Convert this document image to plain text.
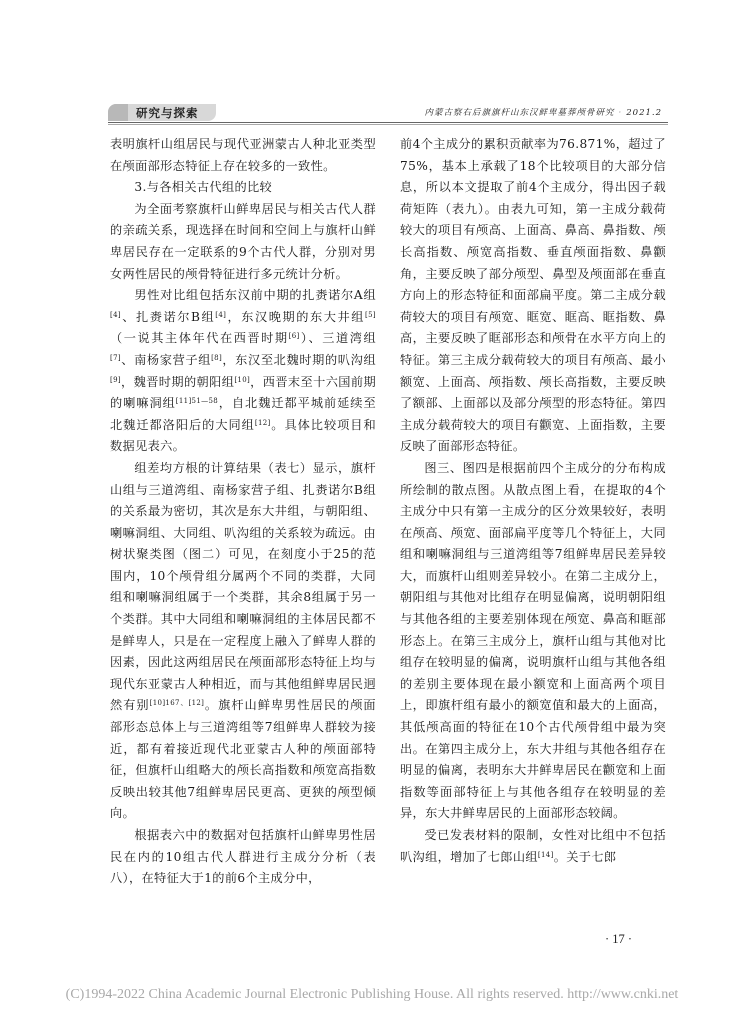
研究与探索	内蒙古察右后旗旗杆山东汉鲜卑墓葬颅骨研究 · 2021.2

表明旗杆山组居民与现代亚洲蒙古人种北亚类型在颅面部形态特征上存在较多的一致性。

3.与各相关古代组的比较

为全面考察旗杆山鲜卑居民与相关古代人群的亲疏关系，现选择在时间和空间上与旗杆山鲜卑居民存在一定联系的9个古代人群，分别对男女两性居民的颅骨特征进行多元统计分析。

男性对比组包括东汉前中期的扎赉诺尔A组[4]、扎赉诺尔B组[4]，东汉晚期的东大井组[5]（一说其主体年代在西晋时期[6]）、三道湾组[7]、南杨家营子组[8]，东汉至北魏时期的叭沟组[9]，魏晋时期的朝阳组[10]，西晋末至十六国前期的喇嘛洞组$^{[11]51—58}$，自北魏迁都平城前延续至北魏迁都洛阳后的大同组[12]。具体比较项目和数据见表六。

组差均方根的计算结果（表七）显示，旗杆山组与三道湾组、南杨家营子组、扎赉诺尔B组的关系最为密切，其次是东大井组，与朝阳组、喇嘛洞组、大同组、叭沟组的关系较为疏远。由树状聚类图（图二）可见，在刻度小于25的范围内，10个颅骨组分属两个不同的类群，大同组和喇嘛洞组属于一个类群，其余8组属于另一个类群。其中大同组和喇嘛洞组的主体居民都不是鲜卑人，只是在一定程度上融入了鲜卑人群的因素，因此这两组居民在颅面部形态特征上均与现代东亚蒙古人种相近，而与其他组鲜卑居民迥然有别[10]167、[12]。旗杆山鲜卑男性居民的颅面部形态总体上与三道湾组等7组鲜卑人群较为接近，都有着接近现代北亚蒙古人种的颅面部特征，但旗杆山组略大的颅长高指数和颅宽高指数反映出较其他7组鲜卑居民更高、更狭的颅型倾向。

根据表六中的数据对包括旗杆山鲜卑男性居民在内的10组古代人群进行主成分分析（表八），在特征大于1的前6个主成分中，

前4个主成分的累积贡献率为76.871%，超过了75%，基本上承载了18个比较项目的大部分信息，所以本文提取了前4个主成分，得出因子载荷矩阵（表九）。由表九可知，第一主成分载荷较大的项目有颅高、上面高、鼻高、鼻指数、颅长高指数、颅宽高指数、垂直颅面指数、鼻颧角，主要反映了部分颅型、鼻型及颅面部在垂直方向上的形态特征和面部扁平度。第二主成分载荷较大的项目有颅宽、眶宽、眶高、眶指数、鼻高，主要反映了眶部形态和颅骨在水平方向上的特征。第三主成分载荷较大的项目有颅高、最小额宽、上面高、颅指数、颅长高指数，主要反映了额部、上面部以及部分颅型的形态特征。第四主成分载荷较大的项目有颧宽、上面指数，主要反映了面部形态特征。

图三、图四是根据前四个主成分的分布构成所绘制的散点图。从散点图上看，在提取的4个主成分中只有第一主成分的区分效果较好，表明在颅高、颅宽、面部扁平度等几个特征上，大同组和喇嘛洞组与三道湾组等7组鲜卑居民差异较大，而旗杆山组则差异较小。在第二主成分上，朝阳组与其他对比组存在明显偏离，说明朝阳组与其他各组的主要差别体现在颅宽、鼻高和眶部形态上。在第三主成分上，旗杆山组与其他对比组存在较明显的偏离，说明旗杆山组与其他各组的差别主要体现在最小额宽和上面高两个项目上，即旗杆组有最小的额宽值和最大的上面高，其低颅高面的特征在10个古代颅骨组中最为突出。在第四主成分上，东大井组与其他各组存在明显的偏离，表明东大井鲜卑居民在颧宽和上面指数等面部特征上与其他各组存在较明显的差异，东大井鲜卑居民的上面部形态较阔。

受已发表材料的限制，女性对比组中不包括叭沟组，增加了七郎山组[14]。关于七郎

· 17 ·
(C)1994-2022 China Academic Journal Electronic Publishing House. All rights reserved. http://www.cnki.net
